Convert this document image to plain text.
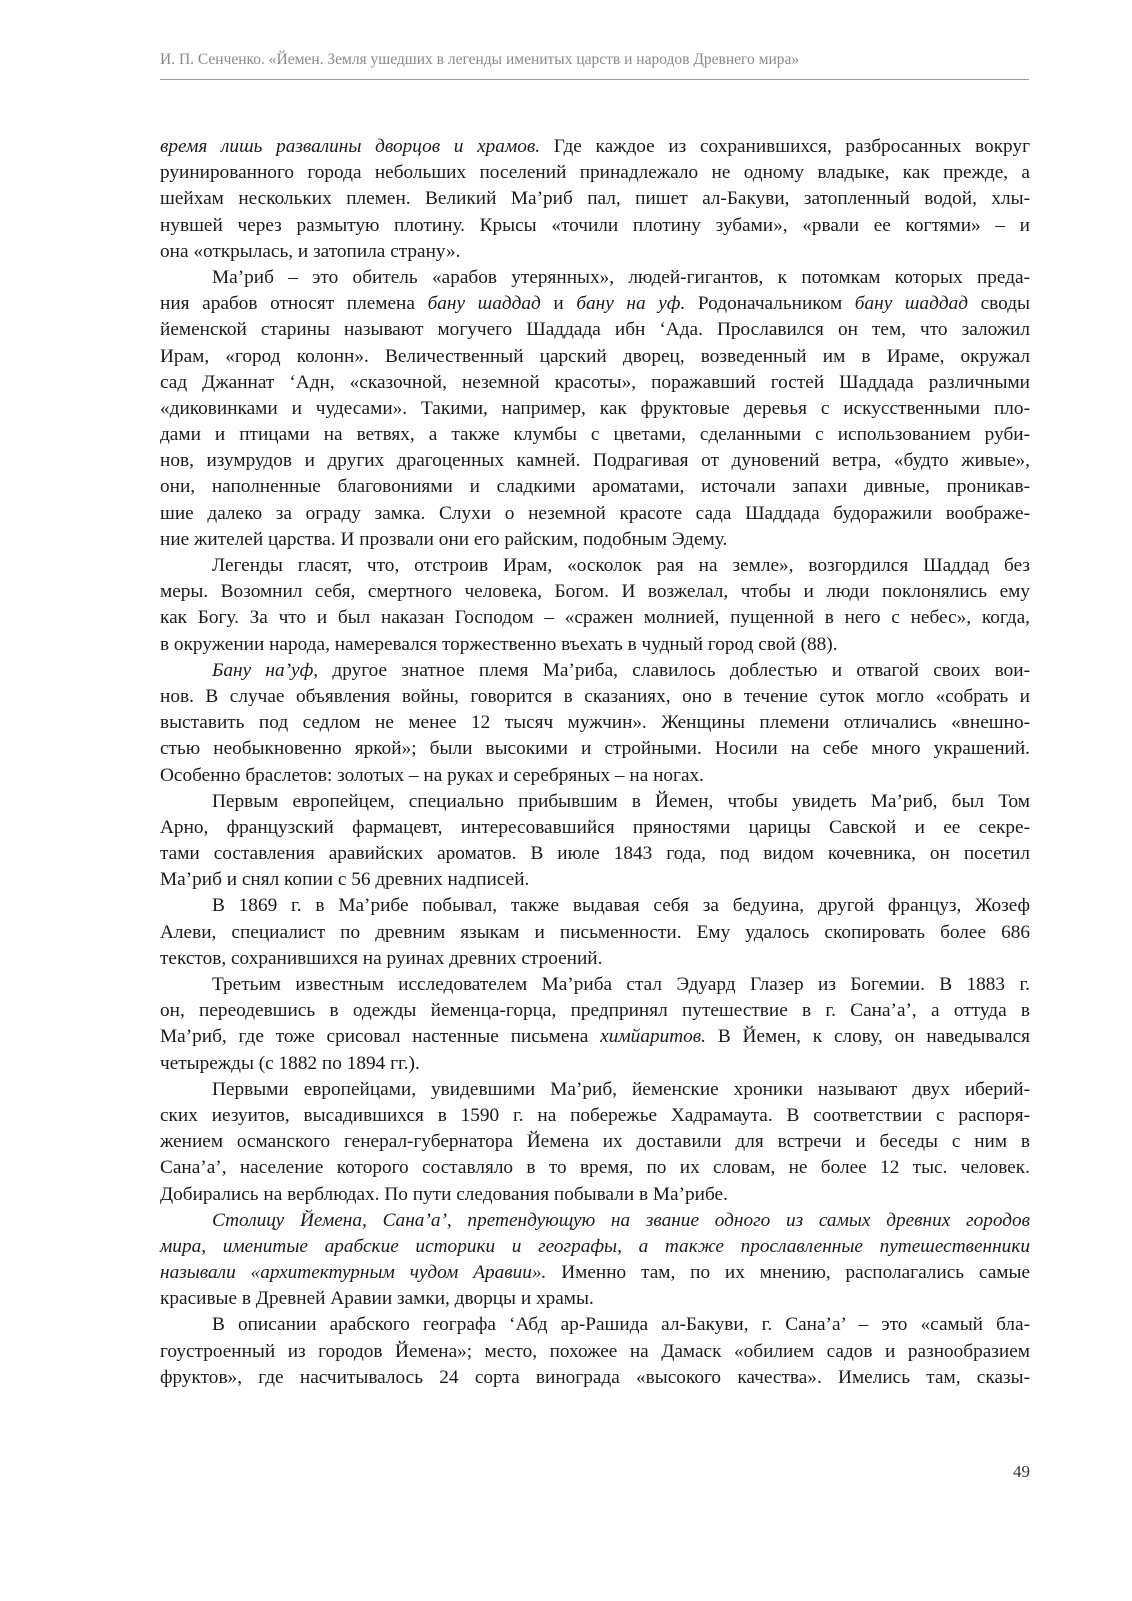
И. П. Сенченко. «Йемен. Земля ушедших в легенды именитых царств и народов Древнего мира»
время лишь развалины дворцов и храмов. Где каждое из сохранившихся, разбросанных вокруг
руинированного города небольших поселений принадлежало не одному владыке, как прежде, а
шейхам нескольких племен. Великий Ма’риб пал, пишет ал-Бакуви, затопленный водой, хлы-
нувшей через размытую плотину. Крысы «точили плотину зубами», «рвали ее когтями» – и
она «открылась, и затопила страну».
Ма’риб – это обитель «арабов утерянных», людей-гигантов, к потомкам которых преда-
ния арабов относят племена бану шаддад и бану на уф. Родоначальником бану шаддад своды
йеменской старины называют могучего Шаддада ибн ‘Ада. Прославился он тем, что заложил
Ирам, «город колонн». Величественный царский дворец, возведенный им в Ираме, окружал
сад Джаннат ‘Адн, «сказочной, неземной красоты», поражавший гостей Шаддада различными
«диковинками и чудесами». Такими, например, как фруктовые деревья с искусственными пло-
дами и птицами на ветвях, а также клумбы с цветами, сделанными с использованием руби-
нов, изумрудов и других драгоценных камней. Подрагивая от дуновений ветра, «будто живые»,
они, наполненные благовониями и сладкими ароматами, источали запахи дивные, проникав-
шие далеко за ограду замка. Слухи о неземной красоте сада Шаддада будоражили воображе-
ние жителей царства. И прозвали они его райским, подобным Эдему.
Легенды гласят, что, отстроив Ирам, «осколок рая на земле», возгордился Шаддад без
меры. Возомнил себя, смертного человека, Богом. И возжелал, чтобы и люди поклонялись ему
как Богу. За что и был наказан Господом – «сражен молнией, пущенной в него с небес», когда,
в окружении народа, намеревался торжественно въехать в чудный город свой (88).
Бану на’уф, другое знатное племя Ма’риба, славилось доблестью и отвагой своих вои-
нов. В случае объявления войны, говорится в сказаниях, оно в течение суток могло «собрать и
выставить под седлом не менее 12 тысяч мужчин». Женщины племени отличались «внешно-
стью необыкновенно яркой»; были высокими и стройными. Носили на себе много украшений.
Особенно браслетов: золотых – на руках и серебряных – на ногах.
Первым европейцем, специально прибывшим в Йемен, чтобы увидеть Ма’риб, был Том
Арно, французский фармацевт, интересовавшийся пряностями царицы Савской и ее секре-
тами составления аравийских ароматов. В июле 1843 года, под видом кочевника, он посетил
Ма’риб и снял копии с 56 древних надписей.
В 1869 г. в Ма’рибе побывал, также выдавая себя за бедуина, другой француз, Жозеф
Алеви, специалист по древним языкам и письменности. Ему удалось скопировать более 686
текстов, сохранившихся на руинах древних строений.
Третьим известным исследователем Ма’риба стал Эдуард Глазер из Богемии. В 1883 г.
он, переодевшись в одежды йеменца-горца, предпринял путешествие в г. Сана’а’, а оттуда в
Ма’риб, где тоже срисовал настенные письмена химйаритов. В Йемен, к слову, он наведывался
четырежды (с 1882 по 1894 гг.).
Первыми европейцами, увидевшими Ма’риб, йеменские хроники называют двух иберий-
ских иезуитов, высадившихся в 1590 г. на побережье Хадрамаута. В соответствии с распоря-
жением османского генерал-губернатора Йемена их доставили для встречи и беседы с ним в
Сана’а’, население которого составляло в то время, по их словам, не более 12 тыс. человек.
Добирались на верблюдах. По пути следования побывали в Ма’рибе.
Столицу Йемена, Сана’а’, претендующую на звание одного из самых древних городов
мира, именитые арабские историки и географы, а также прославленные путешественники
называли «архитектурным чудом Аравии». Именно там, по их мнению, располагались самые
красивые в Древней Аравии замки, дворцы и храмы.
В описании арабского географа ‘Абд ар-Рашида ал-Бакуви, г. Сана’а’ – это «самый бла-
гоустроенный из городов Йемена»; место, похожее на Дамаск «обилием садов и разнообразием
фруктов», где насчитывалось 24 сорта винограда «высокого качества». Имелись там, сказы-
49
